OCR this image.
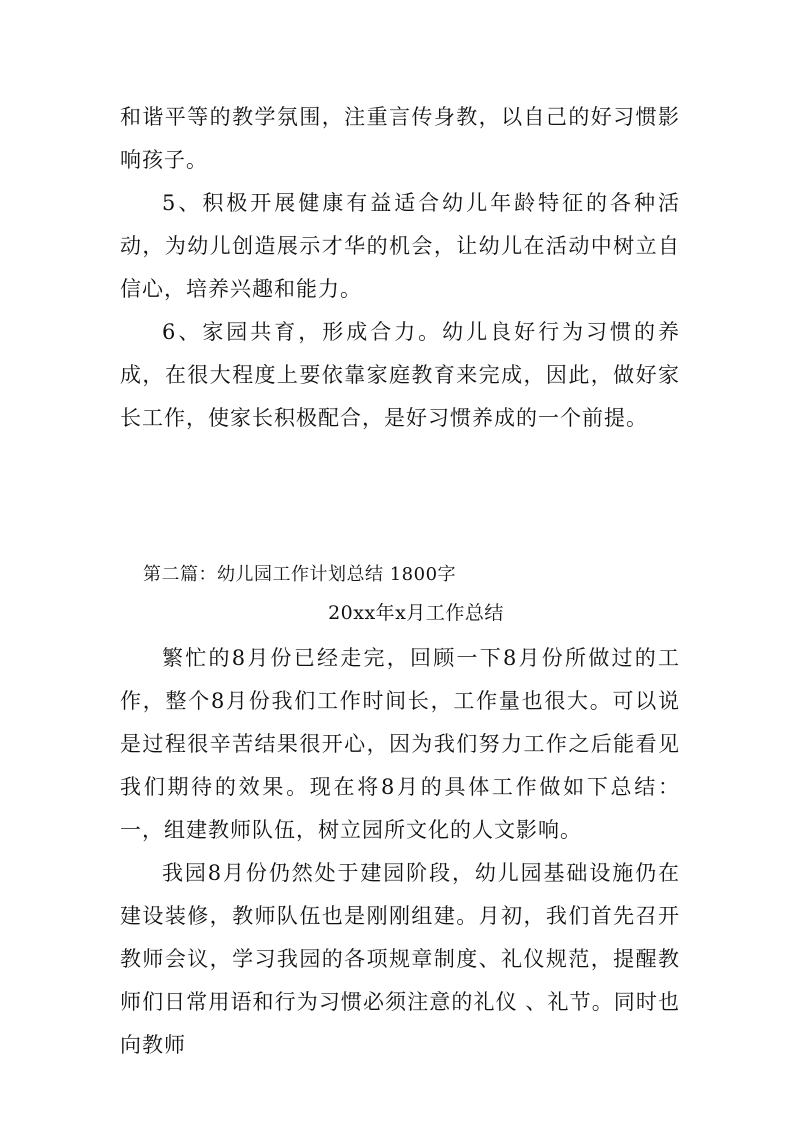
和谐平等的教学氛围，注重言传身教，以自己的好习惯影响孩子。

5、积极开展健康有益适合幼儿年龄特征的各种活动，为幼儿创造展示才华的机会，让幼儿在活动中树立自信心，培养兴趣和能力。

6、家园共育，形成合力。幼儿良好行为习惯的养成，在很大程度上要依靠家庭教育来完成，因此，做好家长工作，使家长积极配合，是好习惯养成的一个前提。

第二篇：幼儿园工作计划总结 1800字

20xx年x月工作总结

繁忙的8月份已经走完，回顾一下8月份所做过的工作，整个8月份我们工作时间长，工作量也很大。可以说是过程很辛苦结果很开心，因为我们努力工作之后能看见我们期待的效果。现在将8月的具体工作做如下总结： 一，组建教师队伍，树立园所文化的人文影响。

我园8月份仍然处于建园阶段，幼儿园基础设施仍在建设装修，教师队伍也是刚刚组建。月初，我们首先召开教师会议，学习我园的各项规章制度、礼仪规范，提醒教师们日常用语和行为习惯必须注意的礼仪 、礼节。同时也向教师
